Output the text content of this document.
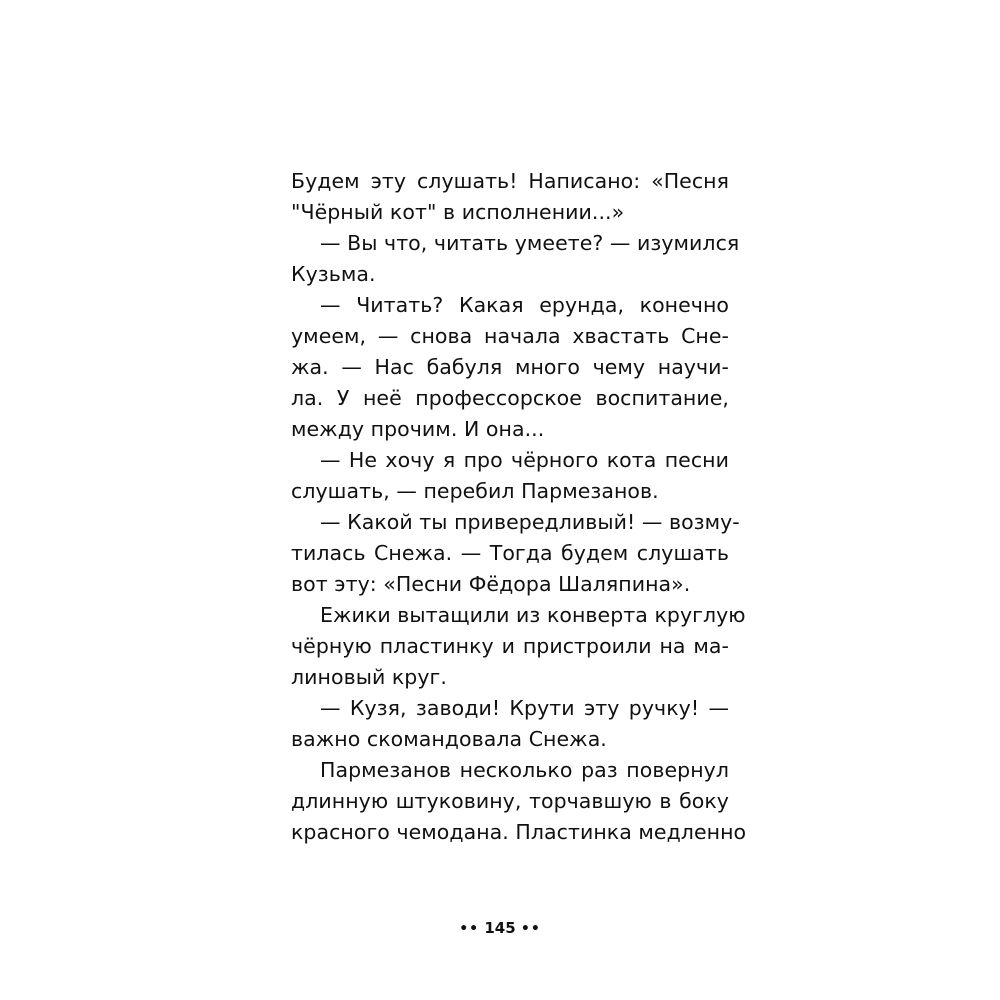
Будем эту слушать! Написано: «Песня
"Чёрный кот" в исполнении...»
— Вы что, читать умеете? — изумился
Кузьма.
— Читать? Какая ерунда, конечно
умеем, — снова начала хвастать Сне-
жа. — Нас бабуля много чему научи-
ла. У неё профессорское воспитание,
между прочим. И она...
— Не хочу я про чёрного кота песни
слушать, — перебил Пармезанов.
— Какой ты привередливый! — возму-
тилась Снежа. — Тогда будем слушать
вот эту: «Песни Фёдора Шаляпина».
Ежики вытащили из конверта круглую
чёрную пластинку и пристроили на ма-
линовый круг.
— Кузя, заводи! Крути эту ручку! —
важно скомандовала Снежа.
Пармезанов несколько раз повернул
длинную штуковину, торчавшую в боку
красного чемодана. Пластинка медленно
•• 145 ••
